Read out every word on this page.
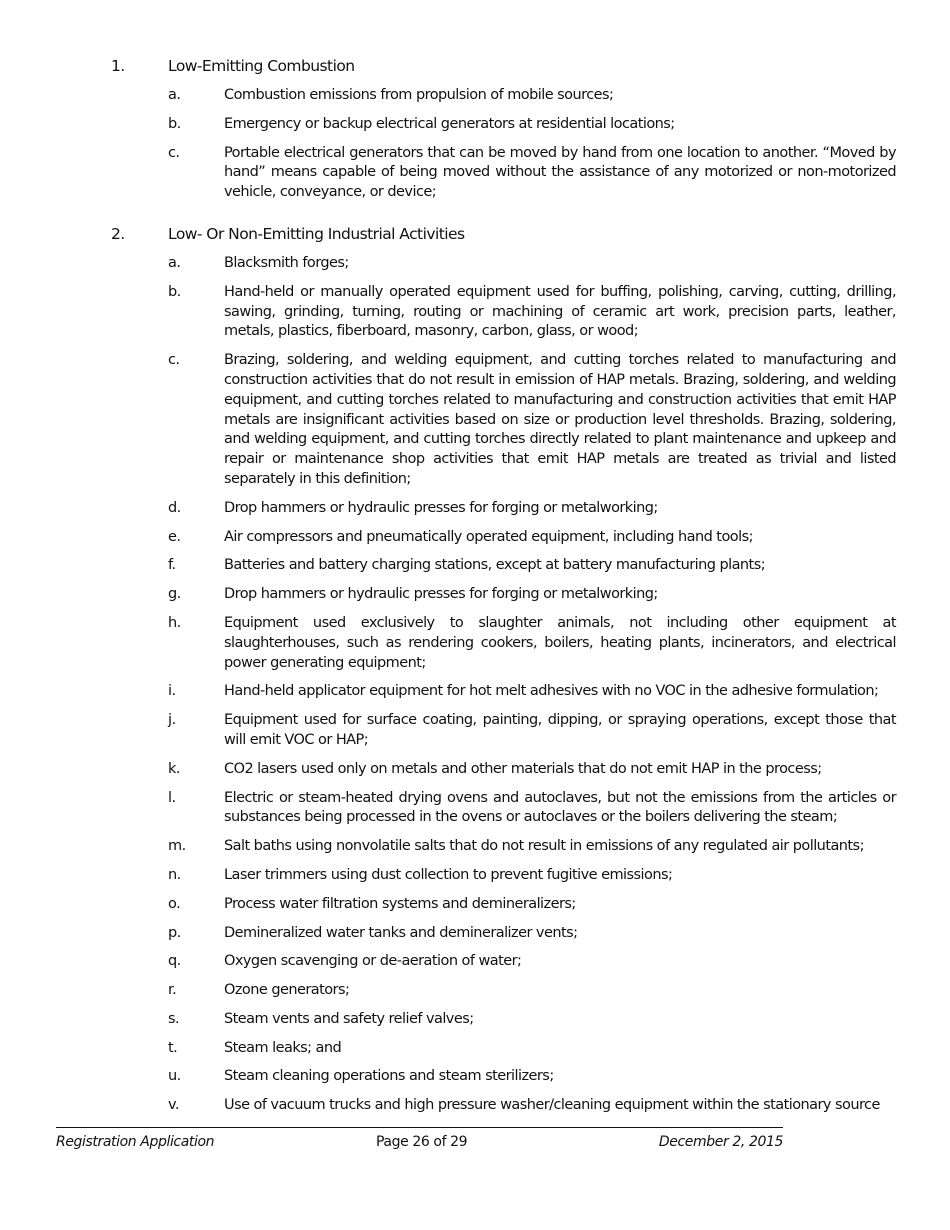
1.	Low-Emitting Combustion
a.	Combustion emissions from propulsion of mobile sources;
b.	Emergency or backup electrical generators at residential locations;
c.	Portable electrical generators that can be moved by hand from one location to another. “Moved by hand” means capable of being moved without the assistance of any motorized or non-motorized vehicle, conveyance, or device;
2.	Low- Or Non-Emitting Industrial Activities
a.	Blacksmith forges;
b.	Hand-held or manually operated equipment used for buffing, polishing, carving, cutting, drilling, sawing, grinding, turning, routing or machining of ceramic art work, precision parts, leather, metals, plastics, fiberboard, masonry, carbon, glass, or wood;
c.	Brazing, soldering, and welding equipment, and cutting torches related to manufacturing and construction activities that do not result in emission of HAP metals. Brazing, soldering, and welding equipment, and cutting torches related to manufacturing and construction activities that emit HAP metals are insignificant activities based on size or production level thresholds. Brazing, soldering, and welding equipment, and cutting torches directly related to plant maintenance and upkeep and repair or maintenance shop activities that emit HAP metals are treated as trivial and listed separately in this definition;
d.	Drop hammers or hydraulic presses for forging or metalworking;
e.	Air compressors and pneumatically operated equipment, including hand tools;
f.	Batteries and battery charging stations, except at battery manufacturing plants;
g.	Drop hammers or hydraulic presses for forging or metalworking;
h.	Equipment used exclusively to slaughter animals, not including other equipment at slaughterhouses, such as rendering cookers, boilers, heating plants, incinerators, and electrical power generating equipment;
i.	Hand-held applicator equipment for hot melt adhesives with no VOC in the adhesive formulation;
j.	Equipment used for surface coating, painting, dipping, or spraying operations, except those that will emit VOC or HAP;
k.	CO2 lasers used only on metals and other materials that do not emit HAP in the process;
l.	Electric or steam-heated drying ovens and autoclaves, but not the emissions from the articles or substances being processed in the ovens or autoclaves or the boilers delivering the steam;
m.	Salt baths using nonvolatile salts that do not result in emissions of any regulated air pollutants;
n.	Laser trimmers using dust collection to prevent fugitive emissions;
o.	Process water filtration systems and demineralizers;
p.	Demineralized water tanks and demineralizer vents;
q.	Oxygen scavenging or de-aeration of water;
r.	Ozone generators;
s.	Steam vents and safety relief valves;
t.	Steam leaks; and
u.	Steam cleaning operations and steam sterilizers;
v.	Use of vacuum trucks and high pressure washer/cleaning equipment within the stationary source
Registration Application	Page 26 of 29	December 2, 2015
